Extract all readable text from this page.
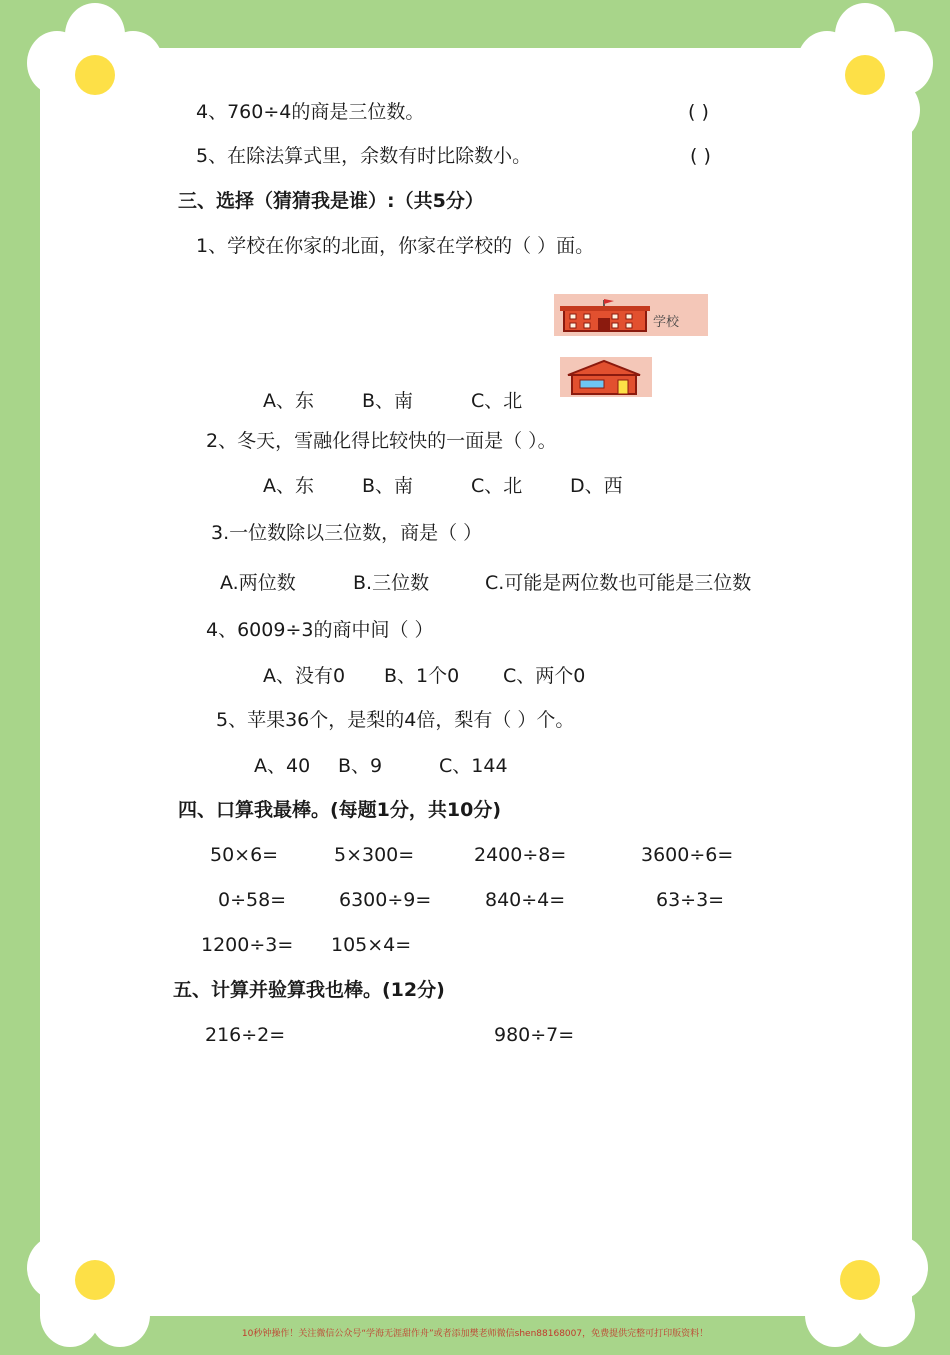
4、760÷4的商是三位数。	( )
5、在除法算式里，余数有时比除数小。	( )
三、选择（猜猜我是谁）:（共5分）
1、学校在你家的北面，你家在学校的（ ）面。
学校
A、东	B、南	C、北
2、冬天，雪融化得比较快的一面是（ ）。
A、东	B、南	C、北	D、西
3.一位数除以三位数，商是（ ）
A.两位数	B.三位数	C.可能是两位数也可能是三位数
4、6009÷3的商中间（ ）
A、没有0 B、1个0 C、两个0
5、苹果36个，是梨的4倍，梨有（ ）个。
A、40 B、9	C、144
四、口算我最棒。(每题1分，共10分)
50×6=	5×300=	2400÷8=	3600÷6=
0÷58=	6300÷9=	840÷4=	63÷3=
1200÷3= 105×4=
五、计算并验算我也棒。(12分)
216÷2=	980÷7=
10秒钟操作！关注微信公众号“学海无涯甜作舟”或者添加樊老师微信shen88168007，免费提供完整可打印版资料！
